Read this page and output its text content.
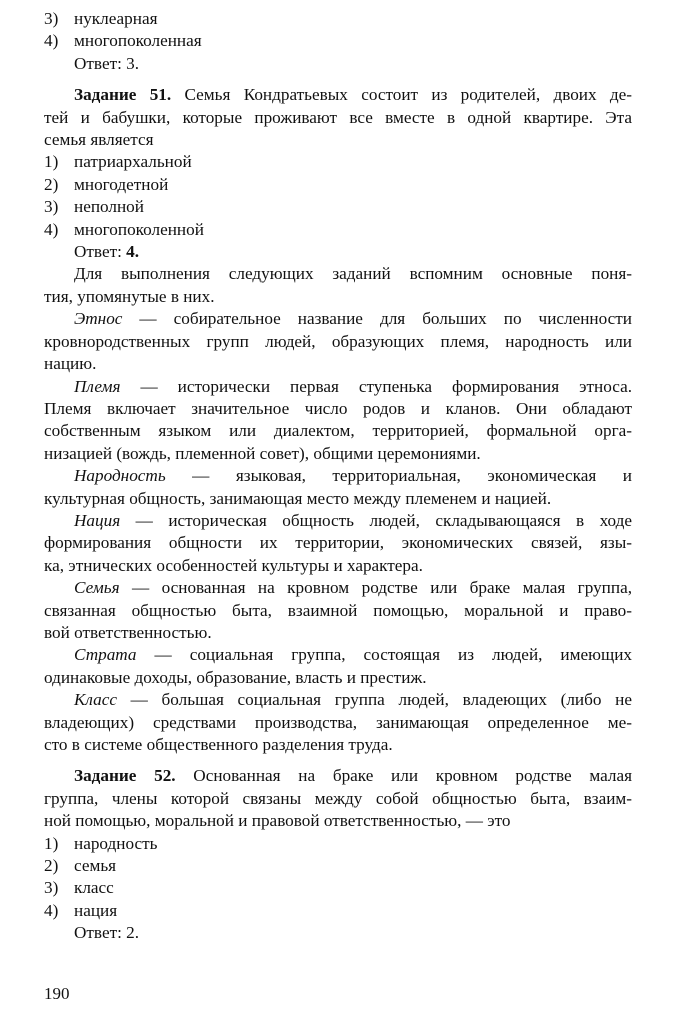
3) нуклеарная
4) многопоколенная
Ответ: 3.
Задание 51. Семья Кондратьевых состоит из родителей, двоих де-
тей и бабушки, которые проживают все вместе в одной квартире. Эта
семья является
1) патриархальной
2) многодетной
3) неполной
4) многопоколенной
Ответ: 4.
Для выполнения следующих заданий вспомним основные поня-
тия, упомянутые в них.
Этнос — собирательное название для больших по численности
кровнородственных групп людей, образующих племя, народность или
нацию.
Племя — исторически первая ступенька формирования этноса.
Племя включает значительное число родов и кланов. Они обладают
собственным языком или диалектом, территорией, формальной орга-
низацией (вождь, племенной совет), общими церемониями.
Народность — языковая, территориальная, экономическая и
культурная общность, занимающая место между племенем и нацией.
Нация — историческая общность людей, складывающаяся в ходе
формирования общности их территории, экономических связей, язы-
ка, этнических особенностей культуры и характера.
Семья — основанная на кровном родстве или браке малая группа,
связанная общностью быта, взаимной помощью, моральной и право-
вой ответственностью.
Страта — социальная группа, состоящая из людей, имеющих
одинаковые доходы, образование, власть и престиж.
Класс — большая социальная группа людей, владеющих (либо не
владеющих) средствами производства, занимающая определенное ме-
сто в системе общественного разделения труда.
Задание 52. Основанная на браке или кровном родстве малая
группа, члены которой связаны между собой общностью быта, взаим-
ной помощью, моральной и правовой ответственностью, — это
1) народность
2) семья
3) класс
4) нация
Ответ: 2.
190
